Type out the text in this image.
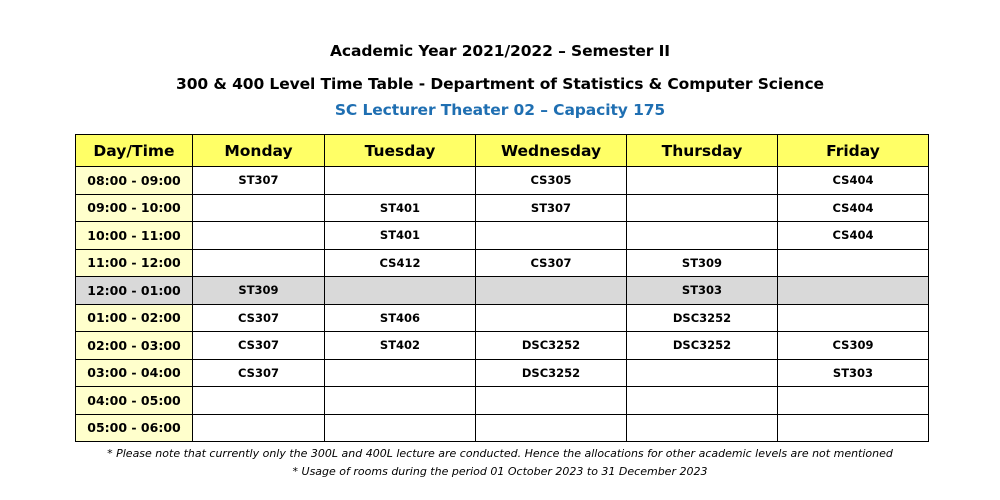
Academic Year 2021/2022 – Semester II
300 & 400 Level Time Table - Department of Statistics & Computer Science
SC Lecturer Theater 02 – Capacity 175
Day/Time	Monday	Tuesday	Wednesday	Thursday	Friday
08:00 - 09:00	ST307		CS305		CS404
09:00 - 10:00		ST401	ST307		CS404
10:00 - 11:00		ST401			CS404
11:00 - 12:00		CS412	CS307	ST309	
12:00 - 01:00	ST309			ST303	
01:00 - 02:00	CS307	ST406		DSC3252	
02:00 - 03:00	CS307	ST402	DSC3252	DSC3252	CS309
03:00 - 04:00	CS307		DSC3252		ST303
04:00 - 05:00					
05:00 - 06:00					
* Please note that currently only the 300L and 400L lecture are conducted. Hence the allocations for other academic levels are not mentioned
* Usage of rooms during the period 01 October 2023 to 31 December 2023
